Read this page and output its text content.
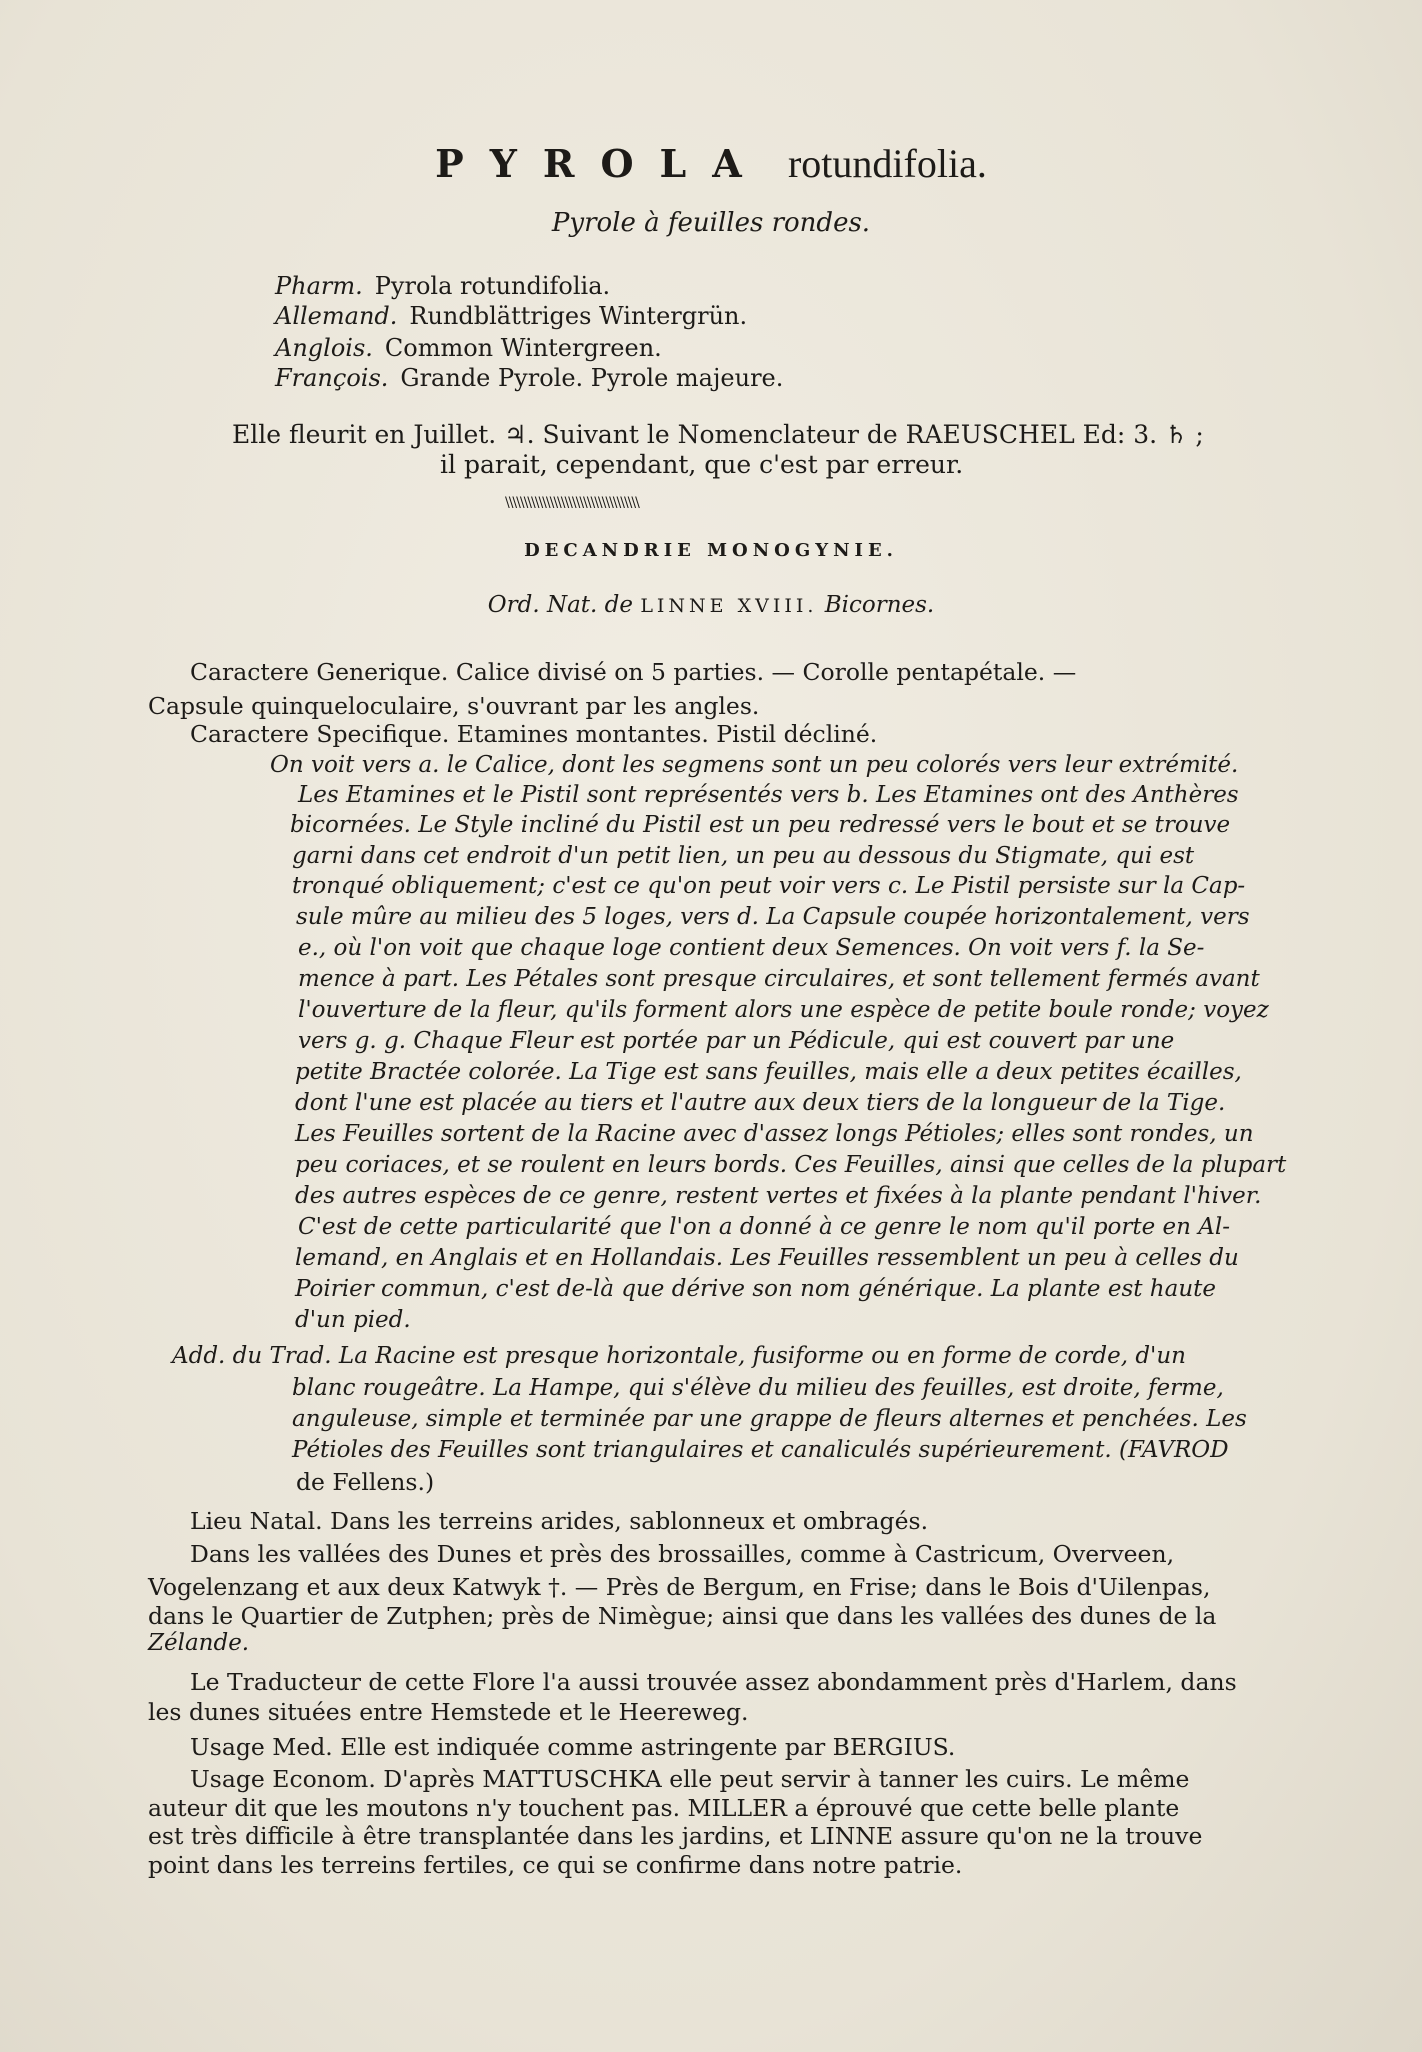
PYROLA rotundifolia.
Pyrole à feuilles rondes.
Pharm. Pyrola rotundifolia.
Allemand. Rundblättriges Wintergrün.
Anglois. Common Wintergreen.
François. Grande Pyrole. Pyrole majeure.
Elle fleurit en Juillet. ♃. Suivant le Nomenclateur de RAEUSCHEL Ed: 3. ♄ ;
il parait, cependant, que c'est par erreur.
\\\\\\\\\\\\\\\\\\\\\\\\\\\\\\\\\\\\
DECANDRIE MONOGYNIE.
Ord. Nat. de LINNE XVIII. Bicornes.
Caractere Generique. Calice divisé on 5 parties. — Corolle pentapétale. —
Capsule quinqueloculaire, s'ouvrant par les angles.
Caractere Specifique. Etamines montantes. Pistil décliné.
On voit vers a. le Calice, dont les segmens sont un peu colorés vers leur extrémité.
Les Etamines et le Pistil sont représentés vers b. Les Etamines ont des Anthères
bicornées. Le Style incliné du Pistil est un peu redressé vers le bout et se trouve
garni dans cet endroit d'un petit lien, un peu au dessous du Stigmate, qui est
tronqué obliquement; c'est ce qu'on peut voir vers c. Le Pistil persiste sur la Cap-
sule mûre au milieu des 5 loges, vers d. La Capsule coupée horizontalement, vers
e., où l'on voit que chaque loge contient deux Semences. On voit vers f. la Se-
mence à part. Les Pétales sont presque circulaires, et sont tellement fermés avant
l'ouverture de la fleur, qu'ils forment alors une espèce de petite boule ronde; voyez
vers g. g. Chaque Fleur est portée par un Pédicule, qui est couvert par une
petite Bractée colorée. La Tige est sans feuilles, mais elle a deux petites écailles,
dont l'une est placée au tiers et l'autre aux deux tiers de la longueur de la Tige.
Les Feuilles sortent de la Racine avec d'assez longs Pétioles; elles sont rondes, un
peu coriaces, et se roulent en leurs bords. Ces Feuilles, ainsi que celles de la plupart
des autres espèces de ce genre, restent vertes et fixées à la plante pendant l'hiver.
C'est de cette particularité que l'on a donné à ce genre le nom qu'il porte en Al-
lemand, en Anglais et en Hollandais. Les Feuilles ressemblent un peu à celles du
Poirier commun, c'est de-là que dérive son nom générique. La plante est haute
d'un pied.
Add. du Trad. La Racine est presque horizontale, fusiforme ou en forme de corde, d'un
blanc rougeâtre. La Hampe, qui s'élève du milieu des feuilles, est droite, ferme,
anguleuse, simple et terminée par une grappe de fleurs alternes et penchées. Les
Pétioles des Feuilles sont triangulaires et canaliculés supérieurement. (FAVROD
de Fellens.)
Lieu Natal. Dans les terreins arides, sablonneux et ombragés.
Dans les vallées des Dunes et près des brossailles, comme à Castricum, Overveen,
Vogelenzang et aux deux Katwyk †. — Près de Bergum, en Frise; dans le Bois d'Uilenpas,
dans le Quartier de Zutphen; près de Nimègue; ainsi que dans les vallées des dunes de la
Zélande.
Le Traducteur de cette Flore l'a aussi trouvée assez abondamment près d'Harlem, dans
les dunes situées entre Hemstede et le Heereweg.
Usage Med. Elle est indiquée comme astringente par BERGIUS.
Usage Econom. D'après MATTUSCHKA elle peut servir à tanner les cuirs. Le même
auteur dit que les moutons n'y touchent pas. MILLER a éprouvé que cette belle plante
est très difficile à être transplantée dans les jardins, et LINNE assure qu'on ne la trouve
point dans les terreins fertiles, ce qui se confirme dans notre patrie.
